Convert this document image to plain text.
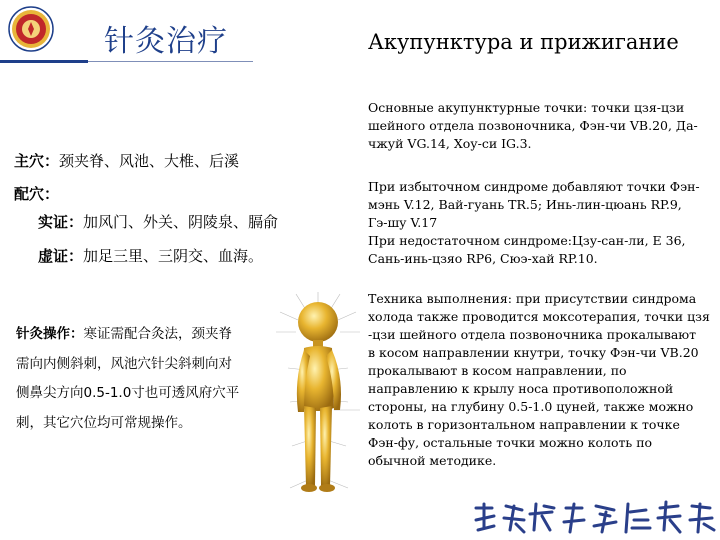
针灸治疗	Акупунктура и прижигание
主穴：颈夹脊、风池、大椎、后溪
配穴：
实证：加风门、外关、阴陵泉、膈俞
虚证：加足三里、三阴交、血海。
针灸操作：寒证需配合灸法，颈夹脊
需向内侧斜刺，风池穴针尖斜刺向对
侧鼻尖方向0.5-1.0寸也可透风府穴平
刺，其它穴位均可常规操作。

Основные акупунктурные точки: точки цзя-цзи

шейного отдела позвоночника, Фэн-чи VB.20, Да-

чжуй VG.14, Хоу-си IG.3.

При избыточном синдроме добавляют точки Фэн-

мэнь V.12, Вай-гуань TR.5; Инь-лин-цюань RP.9,

Гэ-шу V.17

При недостаточном синдроме:Цзу-сан-ли, E 36,

Сань-инь-цзяо RP6, Сюэ-хай RP.10.

Техника выполнения: при присутствии синдрома

холода также проводится моксотерапия, точки цзя

-цзи шейного отдела позвоночника прокалывают

в косом направлении кнутри, точку Фэн-чи VB.20

прокалывают в косом направлении, по

направлению к крылу носа противоположной

стороны, на глубину 0.5-1.0 цуней, также можно

колоть в горизонтальном направлении к точке

Фэн-фу, остальные точки можно колоть по

обычной методике.
